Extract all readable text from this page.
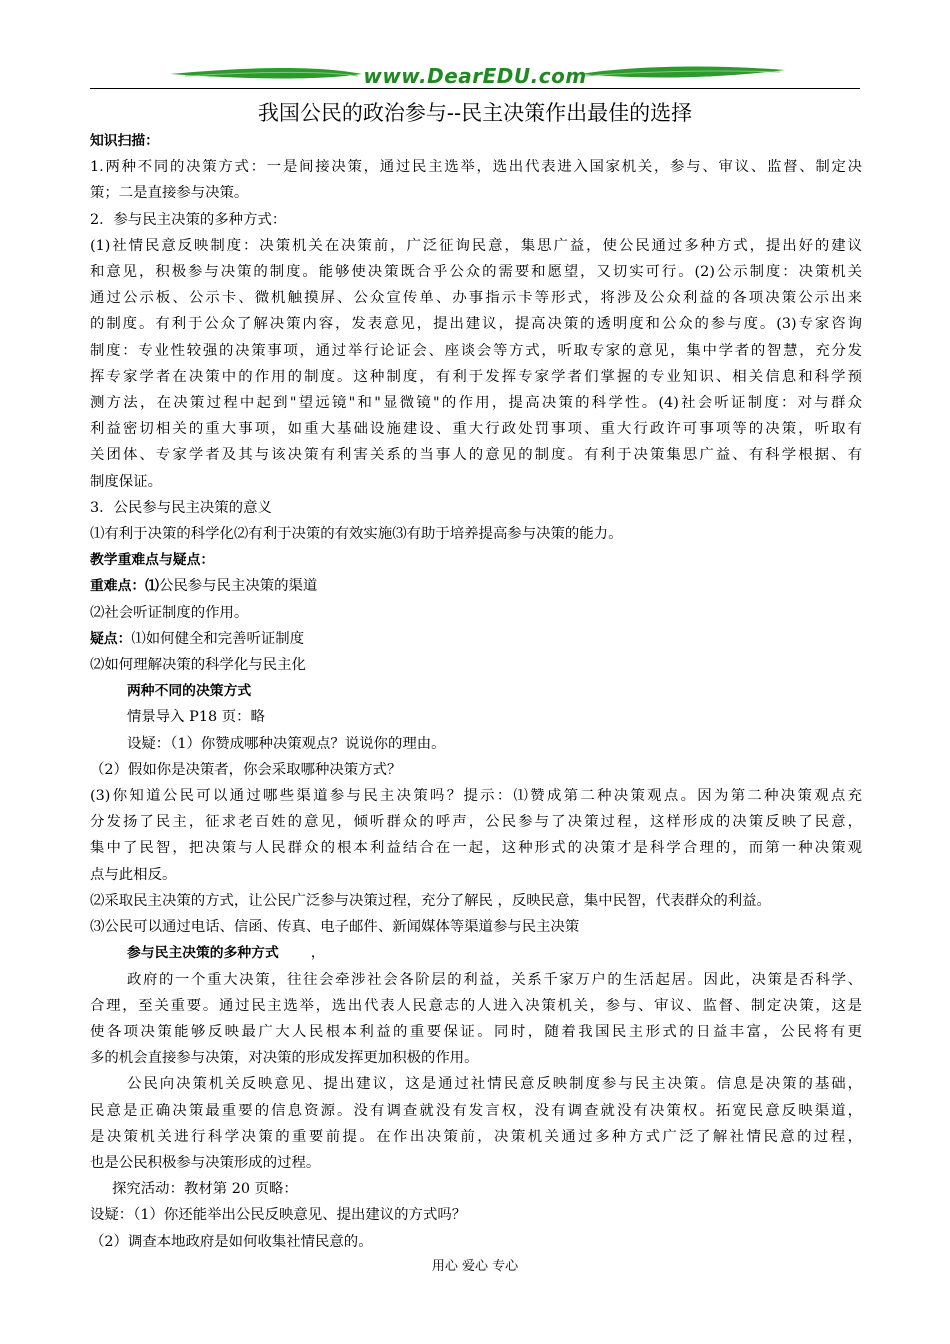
www.DearEDU.com
我国公民的政治参与--民主决策作出最佳的选择
知识扫描：
1.两种不同的决策方式：一是间接决策，通过民主选举，选出代表进入国家机关，参与、审议、监督、制定决
策；二是直接参与决策。
2．参与民主决策的多种方式：
(1)社情民意反映制度：决策机关在决策前，广泛征询民意，集思广益，使公民通过多种方式，提出好的建议
和意见，积极参与决策的制度。能够使决策既合乎公众的需要和愿望，又切实可行。(2)公示制度：决策机关
通过公示板、公示卡、微机触摸屏、公众宣传单、办事指示卡等形式，将涉及公众利益的各项决策公示出来
的制度。有利于公众了解决策内容，发表意见，提出建议，提高决策的透明度和公众的参与度。(3)专家咨询
制度：专业性较强的决策事项，通过举行论证会、座谈会等方式，听取专家的意见，集中学者的智慧，充分发
挥专家学者在决策中的作用的制度。这种制度，有利于发挥专家学者们掌握的专业知识、相关信息和科学预
测方法，在决策过程中起到"望远镜"和"显微镜"的作用，提高决策的科学性。(4)社会听证制度：对与群众
利益密切相关的重大事项，如重大基础设施建设、重大行政处罚事项、重大行政许可事项等的决策，听取有
关团体、专家学者及其与该决策有利害关系的当事人的意见的制度。有利于决策集思广益、有科学根据、有
制度保证。
3．公民参与民主决策的意义
⑴有利于决策的科学化⑵有利于决策的有效实施⑶有助于培养提高参与决策的能力。
教学重难点与疑点：
重难点：⑴公民参与民主决策的渠道
⑵社会听证制度的作用。
疑点：⑴如何健全和完善听证制度
⑵如何理解决策的科学化与民主化
两种不同的决策方式
情景导入 P18 页：略
设疑：（1）你赞成哪种决策观点？说说你的理由。
（2）假如你是决策者，你会采取哪种决策方式？
(3)你知道公民可以通过哪些渠道参与民主决策吗？提示：⑴赞成第二种决策观点。因为第二种决策观点充
分发扬了民主，征求老百姓的意见，倾听群众的呼声，公民参与了决策过程，这样形成的决策反映了民意，
集中了民智，把决策与人民群众的根本利益结合在一起，这种形式的决策才是科学合理的，而第一种决策观
点与此相反。
⑵采取民主决策的方式，让公民广泛参与决策过程，充分了解民 ，反映民意，集中民智，代表群众的利益。
⑶公民可以通过电话、信函、传真、电子邮件、新闻媒体等渠道参与民主决策
参与民主决策的多种方式       ，
政府的一个重大决策，往往会牵涉社会各阶层的利益，关系千家万户的生活起居。因此，决策是否科学、
合理，至关重要。通过民主选举，选出代表人民意志的人进入决策机关，参与、审议、监督、制定决策，这是
使各项决策能够反映最广大人民根本利益的重要保证。同时，随着我国民主形式的日益丰富，公民将有更
多的机会直接参与决策，对决策的形成发挥更加积极的作用。
公民向决策机关反映意见、提出建议，这是通过社情民意反映制度参与民主决策。信息是决策的基础，
民意是正确决策最重要的信息资源。没有调查就没有发言权，没有调查就没有决策权。拓宽民意反映渠道，
是决策机关进行科学决策的重要前提。在作出决策前，决策机关通过多种方式广泛了解社情民意的过程，
也是公民积极参与决策形成的过程。
探究活动：教材第 20 页略：
设疑：（1）你还能举出公民反映意见、提出建议的方式吗？
（2）调查本地政府是如何收集社情民意的。
用心 爱心 专心
